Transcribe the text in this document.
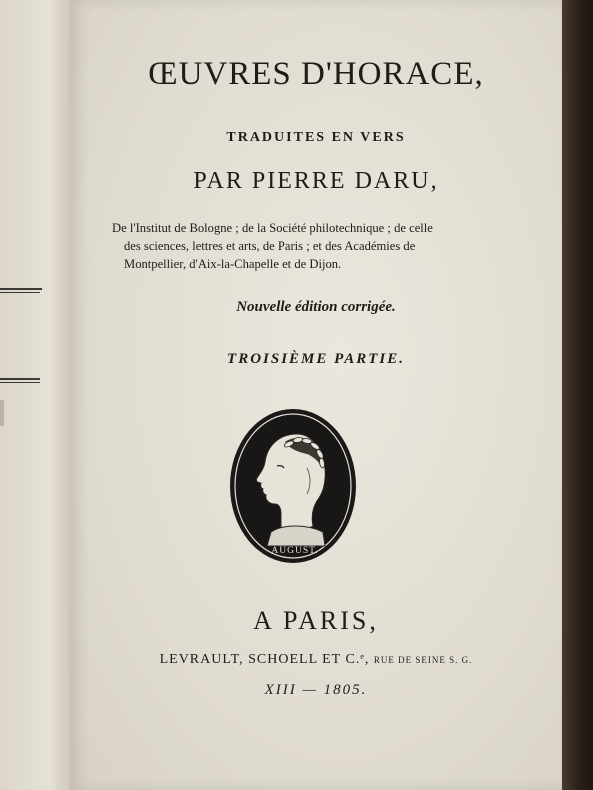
ŒUVRES D'HORACE,
TRADUITES EN VERS
PAR PIERRE DARU,
De l'Institut de Bologne ; de la Société philotechnique ; de celle
des sciences, lettres et arts, de Paris ; et des Académies de
Montpellier, d'Aix-la-Chapelle et de Dijon.
Nouvelle édition corrigée.
TROISIÈME PARTIE.
AUGUST.
A PARIS,
LEVRAULT, SCHOELL ET C.ᵉ, RUE DE SEINE S. G.
XIII — 1805.
